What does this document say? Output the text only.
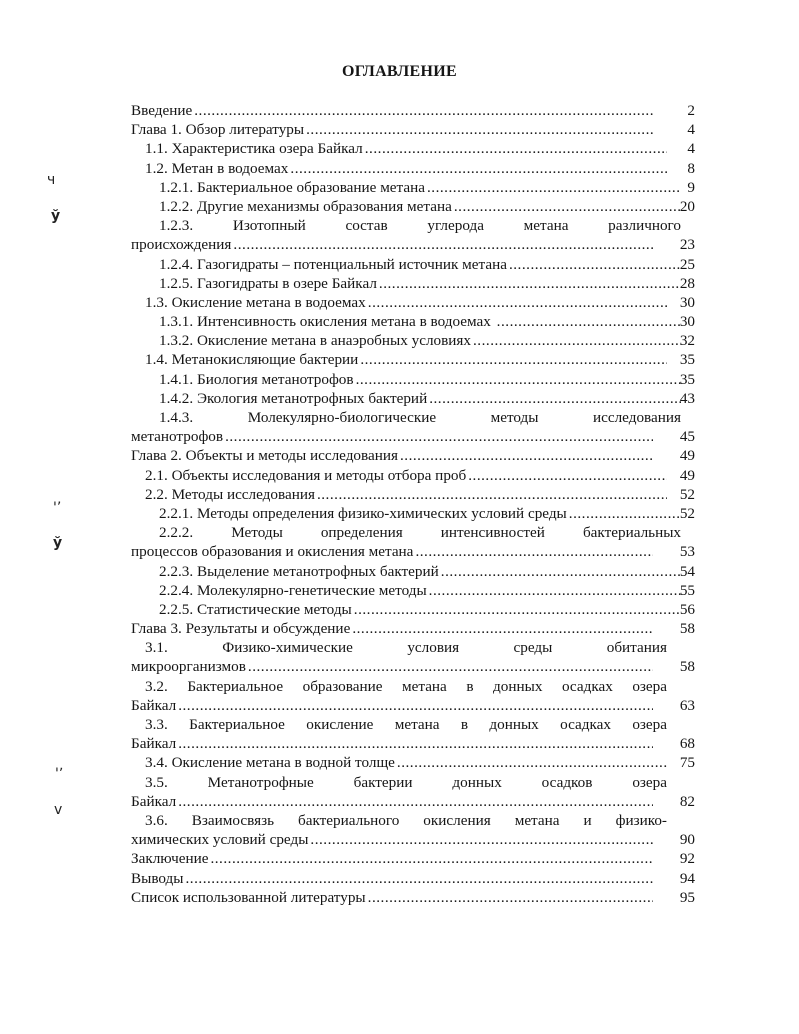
ОГЛАВЛЕНИЕ
Введение .....	2
Глава 1. Обзор литературы .....	4
1.1. Характеристика озера Байкал .....	4
1.2. Метан в водоемах .....	8
1.2.1. Бактериальное образование метана .....	9
1.2.2. Другие механизмы образования метана .....	20
1.2.3. Изотопный состав углерода метана различного
происхождения .....	23
1.2.4. Газогидраты – потенциальный источник метана .....	25
1.2.5. Газогидраты в озере Байкал .....	28
1.3. Окисление метана в водоемах .....	30
1.3.1. Интенсивность окисления метана в водоемах .....	30
1.3.2. Окисление метана в анаэробных условиях .....	32
1.4. Метанокисляющие бактерии .....	35
1.4.1. Биология метанотрофов .....	35
1.4.2. Экология метанотрофных бактерий .....	43
1.4.3. Молекулярно-биологические методы исследования
метанотрофов .....	45
Глава 2. Объекты и методы исследования .....	49
2.1. Объекты исследования и методы отбора проб .....	49
2.2. Методы исследования .....	52
2.2.1. Методы определения физико-химических условий среды .....	52
2.2.2. Методы определения интенсивностей бактериальных
процессов образования и окисления метана .....	53
2.2.3. Выделение метанотрофных бактерий .....	54
2.2.4. Молекулярно-генетические методы .....	55
2.2.5. Статистические методы .....	56
Глава 3. Результаты и обсуждение .....	58
3.1. Физико-химические условия среды обитания
микроорганизмов .....	58
3.2. Бактериальное образование метана в донных осадках озера
Байкал .....	63
3.3. Бактериальное окисление метана в донных осадках озера
Байкал .....	68
3.4. Окисление метана в водной толще .....	75
3.5. Метанотрофные бактерии донных осадков озера
Байкал .....	82
3.6. Взаимосвязь бактериального окисления метана и физико-
химических условий среды .....	90
Заключение .....	92
Выводы .....	94
Список использованной литературы .....	95
ч
ў
'’
ў
'ʼ
ⅴ
